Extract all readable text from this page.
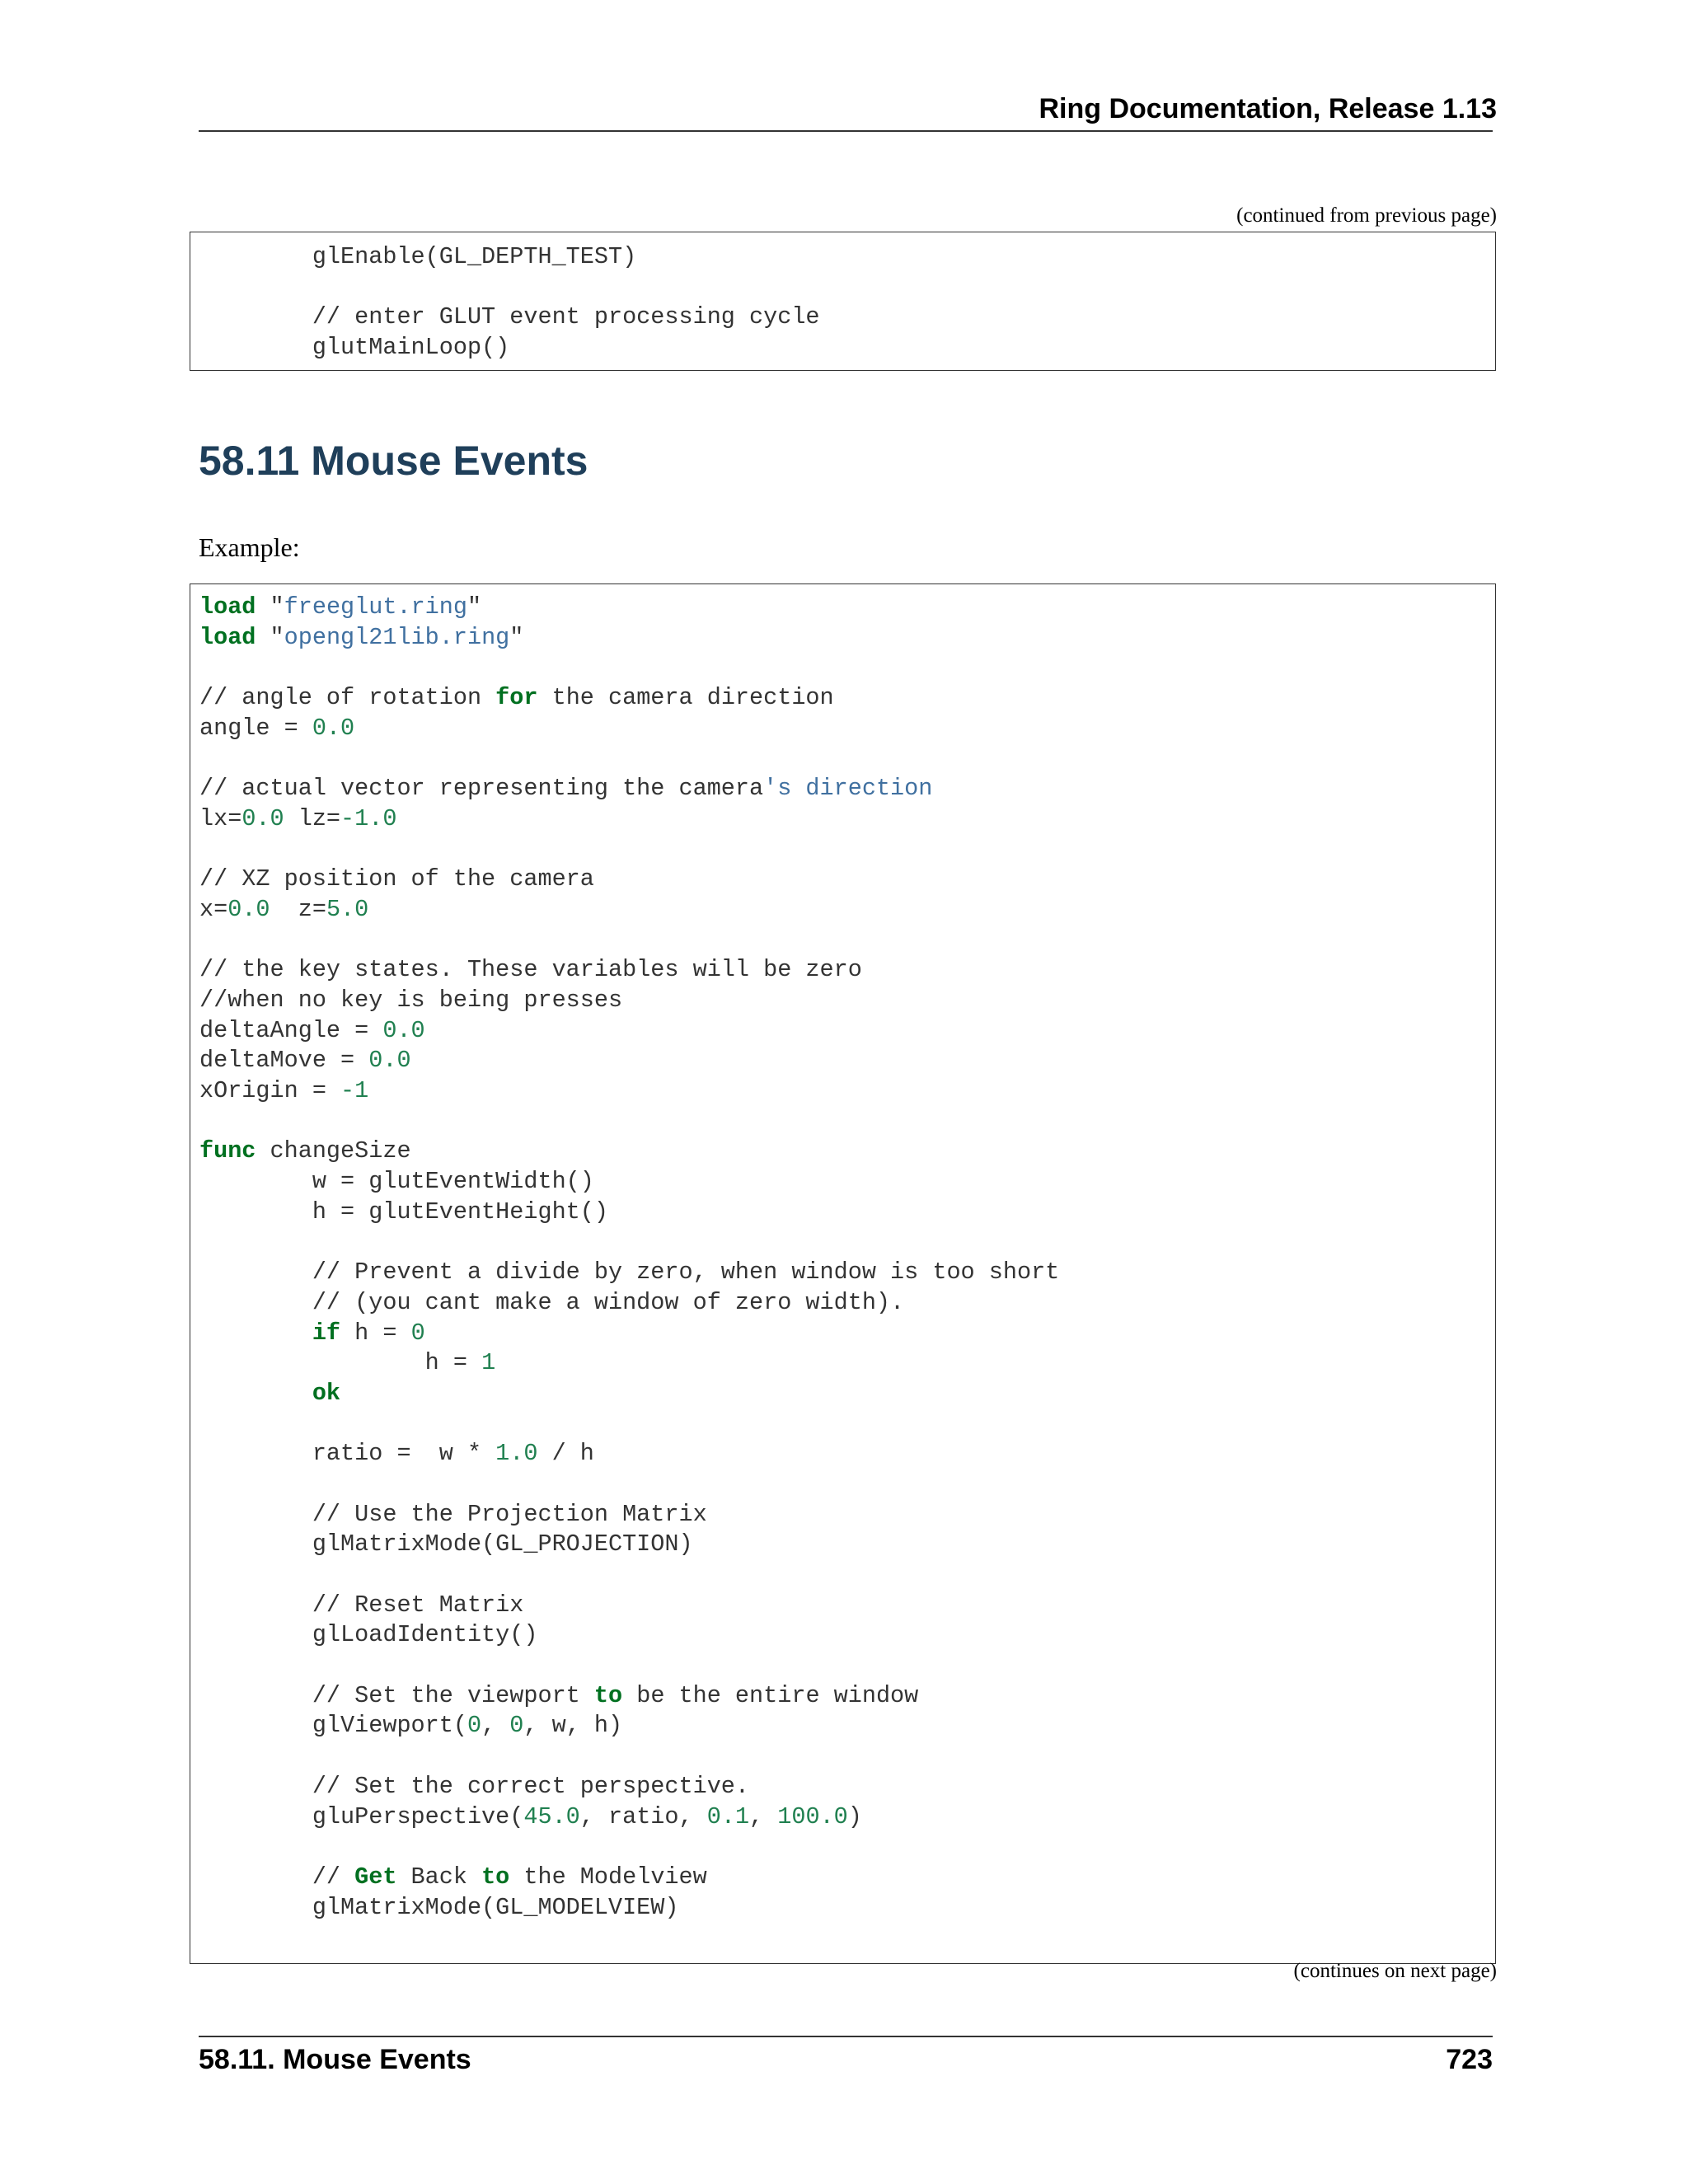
Ring Documentation, Release 1.13
(continued from previous page)
glEnable(GL_DEPTH_TEST)
// enter GLUT event processing cycle
glutMainLoop()
58.11 Mouse Events
Example:
load "freeglut.ring"
load "opengl21lib.ring"
// angle of rotation for the camera direction
angle = 0.0
// actual vector representing the camera's direction
lx=0.0 lz=-1.0
// XZ position of the camera
x=0.0  z=5.0
// the key states. These variables will be zero
//when no key is being presses
deltaAngle = 0.0
deltaMove = 0.0
xOrigin = -1
func changeSize
w = glutEventWidth()
h = glutEventHeight()
// Prevent a divide by zero, when window is too short
// (you cant make a window of zero width).
if h = 0
h = 1
ok
ratio =  w * 1.0 / h
// Use the Projection Matrix
glMatrixMode(GL_PROJECTION)
// Reset Matrix
glLoadIdentity()
// Set the viewport to be the entire window
glViewport(0, 0, w, h)
// Set the correct perspective.
gluPerspective(45.0, ratio, 0.1, 100.0)
// Get Back to the Modelview
glMatrixMode(GL_MODELVIEW)
(continues on next page)
58.11. Mouse Events	723
